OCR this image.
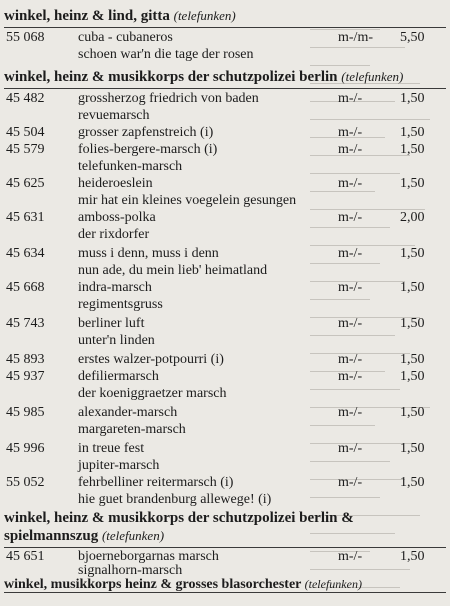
winkel, heinz & lind, gitta (telefunken)
55 068 cuba - cubaneros	m-/m- 5,50
schoen war'n die tage der rosen
winkel, heinz & musikkorps der schutzpolizei berlin (telefunken)
45 482 grossherzog friedrich von baden	m-/-	1,50
revuemarsch
45 504 grosser zapfenstreich (i)	m-/-	1,50
45 579 folies-bergere-marsch (i)	m-/-	1,50
telefunken-marsch
45 625 heideroeslein	m-/-	1,50
mir hat ein kleines voegelein gesungen
45 631 amboss-polka	m-/-	2,00
der rixdorfer
45 634 muss i denn, muss i denn	m-/-	1,50
nun ade, du mein lieb' heimatland
45 668 indra-marsch	m-/-	1,50
regimentsgruss
45 743 berliner luft	m-/-	1,50
unter'n linden
45 893 erstes walzer-potpourri (i)	m-/-	1,50
45 937 defiliermarsch	m-/-	1,50
der koeniggraetzer marsch
45 985 alexander-marsch	m-/-	1,50
margareten-marsch
45 996 in treue fest	m-/-	1,50
jupiter-marsch
55 052 fehrbelliner reitermarsch (i)	m-/-	1,50
hie guet brandenburg allewege! (i)
winkel, heinz & musikkorps der schutzpolizei berlin &
spielmannszug (telefunken)
45 651 bjoerneborgarnas marsch	m-/-	1,50
signalhorn-marsch
winkel, musikkorps heinz & grosses blasorchester (telefunken)
